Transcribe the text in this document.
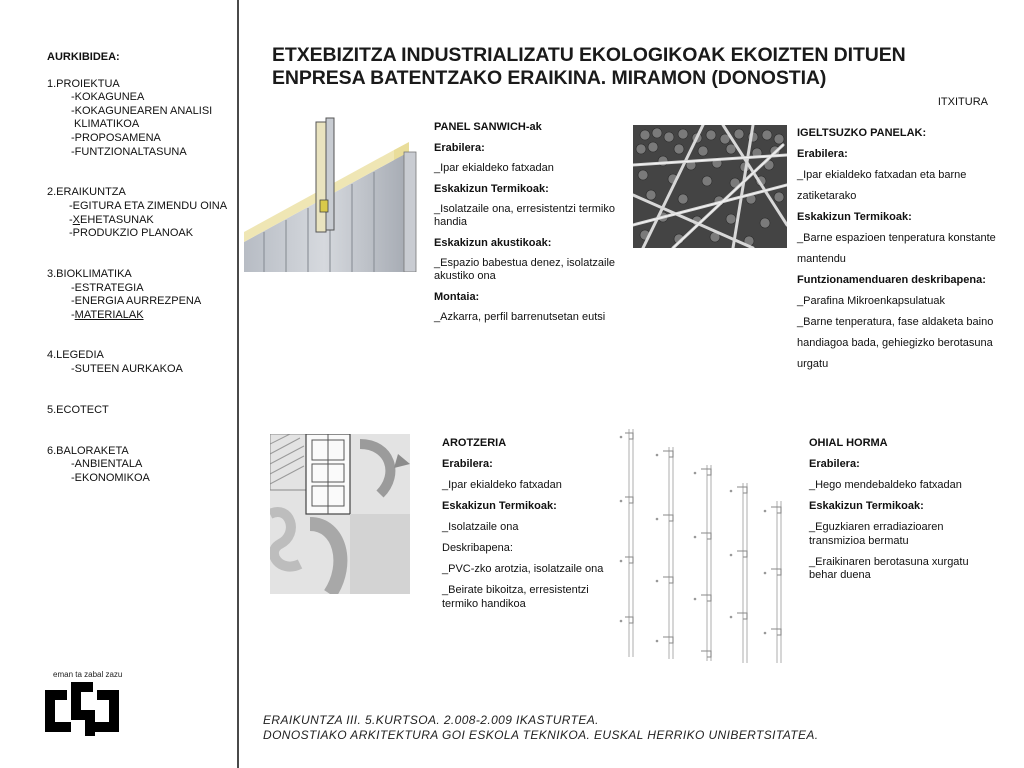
AURKIBIDEA:
1.PROIEKTUA
-KOKAGUNEA
-KOKAGUNEAREN ANALISI
KLIMATIKOA
-PROPOSAMENA
-FUNTZIONALTASUNA
2.ERAIKUNTZA
-EGITURA ETA ZIMENDU OINA
-XEHETASUNAK
-PRODUKZIO PLANOAK
3.BIOKLIMATIKA
-ESTRATEGIA
-ENERGIA AURREZPENA
-MATERIALAK
4.LEGEDIA
-SUTEEN AURKAKOA
5.ECOTECT
6.BALORAKETA
-ANBIENTALA
-EKONOMIKOA
eman ta zabal zazu
ETXEBIZITZA INDUSTRIALIZATU EKOLOGIKOAK EKOIZTEN DITUEN
ENPRESA BATENTZAKO ERAIKINA. MIRAMON (DONOSTIA)
ITXITURA

PANEL SANWICH-ak

Erabilera:

_Ipar ekialdeko fatxadan

Eskakizun Termikoak:

_Isolatzaile ona, erresistentzi termiko handia

Eskakizun akustikoak:

_Espazio babestua denez, isolatzaile akustiko ona

Montaia:

_Azkarra, perfil barrenutsetan eutsi

IGELTSUZKO PANELAK:
Erabilera:
_Ipar ekialdeko fatxadan eta barne zatiketarako
Eskakizun Termikoak:
_Barne espazioen tenperatura konstante mantendu
Funtzionamenduaren deskribapena:
_Parafina Mikroenkapsulatuak
_Barne tenperatura, fase aldaketa baino handiagoa bada, gehiegizko berotasuna urgatu

AROTZERIA

Erabilera:

_Ipar ekialdeko fatxadan

Eskakizun Termikoak:

_Isolatzaile ona

Deskribapena:

_PVC-zko arotzia, isolatzaile ona

_Beirate bikoitza, erresistentzi termiko handikoa

OHIAL HORMA

Erabilera:

_Hego mendebaldeko fatxadan

Eskakizun Termikoak:

_Eguzkiaren erradiazioaren transmizioa bermatu

_Eraikinaren berotasuna xurgatu behar duena

ERAIKUNTZA III. 5.KURTSOA. 2.008-2.009 IKASTURTEA.
DONOSTIAKO ARKITEKTURA GOI ESKOLA TEKNIKOA. EUSKAL HERRIKO UNIBERTSITATEA.
